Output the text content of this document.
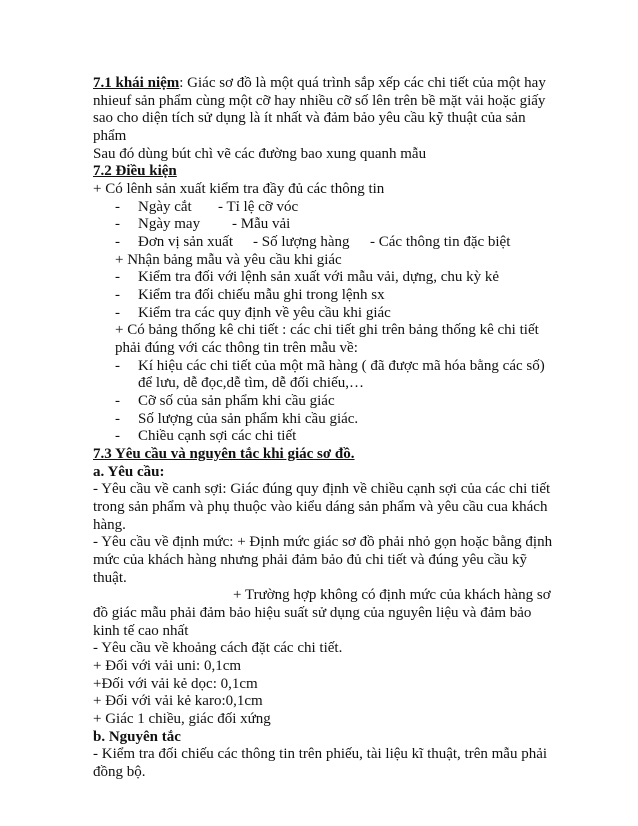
7.1 khái niệm: Giác sơ đồ là một quá trình sắp xếp các chi tiết của một hay
nhieuf sản phẩm cùng một cỡ hay nhiều cỡ số lên trên bề mặt vải hoặc giấy
sao cho diện tích sử dụng là ít nhất và đảm bảo yêu cầu kỹ thuật của sản
phẩm
Sau đó dùng bút chì vẽ các đường bao xung quanh mẫu
7.2 Điều kiện
+ Có lênh sản xuất kiểm tra đầy đủ các thông tin
- Ngày cắt - Tỉ lệ cỡ vóc
- Ngày may - Mẫu vải
- Đơn vị sản xuất - Số lượng hàng - Các thông tin đặc biệt
+ Nhận bảng mẫu và yêu cầu khi giác
- Kiểm tra đối với lệnh sản xuất với mẫu vải, dựng, chu kỳ kẻ
- Kiểm tra đối chiếu mẫu ghi trong lệnh sx
- Kiểm tra các quy định về yêu cầu khi giác
+ Có bảng thống kê chi tiết : các chi tiết ghi trên bảng thống kê chi tiết
phải đúng với các thông tin trên mẫu về:
- Kí hiệu các chi tiết của một mã hàng ( đã được mã hóa bằng các số)
để lưu, dễ đọc,dễ tìm, dễ đối chiếu,…
- Cỡ số của sản phẩm khi cầu giác
- Số lượng của sản phẩm khi cầu giác.
- Chiều cạnh sợi các chi tiết
7.3 Yêu cầu và nguyên tắc khi giác sơ đồ.
a. Yêu cầu:
- Yêu cầu về canh sợi: Giác đúng quy định về chiều cạnh sợi của các chi tiết
trong sản phẩm và phụ thuộc vào kiểu dáng sản phẩm và yêu cầu cua khách
hàng.
- Yêu cầu về định mức: + Định mức giác sơ đồ phải nhỏ gọn hoặc bằng định
mức của khách hàng nhưng phải đảm bảo đủ chi tiết và đúng yêu cầu kỹ
thuật.
+ Trường hợp không có định mức của khách hàng sơ
đồ giác mẫu phải đảm bảo hiệu suất sử dụng của nguyên liệu và đảm bảo
kinh tế cao nhất
- Yêu cầu về khoảng cách đặt các chi tiết.
+ Đối với vải uni: 0,1cm
+Đối với vải kẻ dọc: 0,1cm
+ Đối với vải kẻ karo:0,1cm
+ Giác 1 chiều, giác đối xứng
b. Nguyên tắc
- Kiểm tra đối chiếu các thông tin trên phiếu, tài liệu kĩ thuật, trên mẫu phải
đồng bộ.
